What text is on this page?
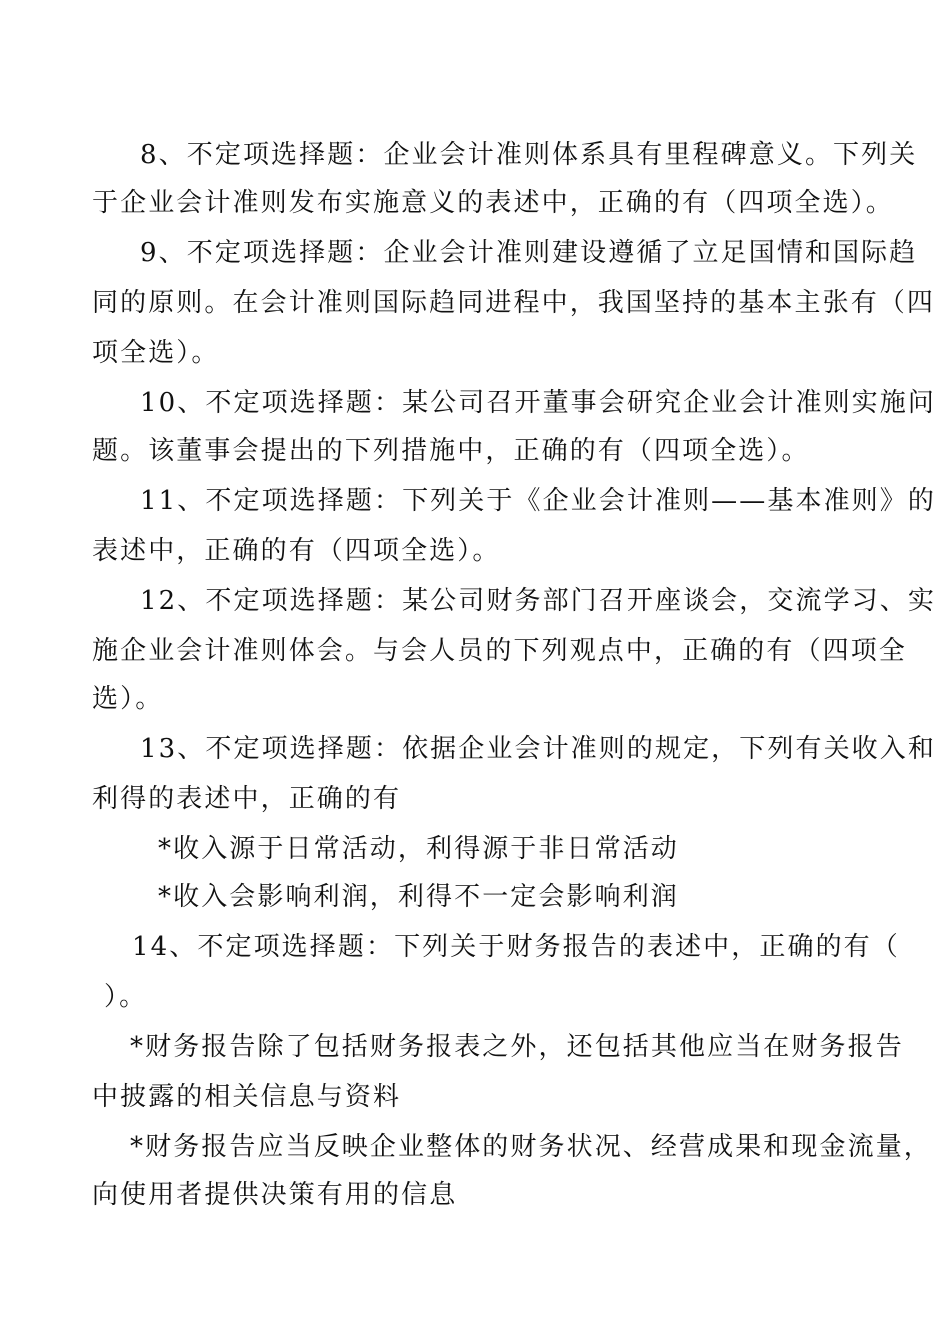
8、不定项选择题：企业会计准则体系具有里程碑意义。下列关
于企业会计准则发布实施意义的表述中，正确的有（四项全选）。
9、不定项选择题：企业会计准则建设遵循了立足国情和国际趋
同的原则。在会计准则国际趋同进程中，我国坚持的基本主张有（四
项全选）。
10、不定项选择题：某公司召开董事会研究企业会计准则实施问
题。该董事会提出的下列措施中，正确的有（四项全选）。
11、不定项选择题：下列关于《企业会计准则——基本准则》的
表述中，正确的有（四项全选）。
12、不定项选择题：某公司财务部门召开座谈会，交流学习、实
施企业会计准则体会。与会人员的下列观点中，正确的有（四项全
选）。
13、不定项选择题：依据企业会计准则的规定，下列有关收入和
利得的表述中，正确的有
*收入源于日常活动，利得源于非日常活动
*收入会影响利润，利得不一定会影响利润
14、不定项选择题：下列关于财务报告的表述中，正确的有（
）。
*财务报告除了包括财务报表之外，还包括其他应当在财务报告
中披露的相关信息与资料
*财务报告应当反映企业整体的财务状况、经营成果和现金流量，
向使用者提供决策有用的信息
